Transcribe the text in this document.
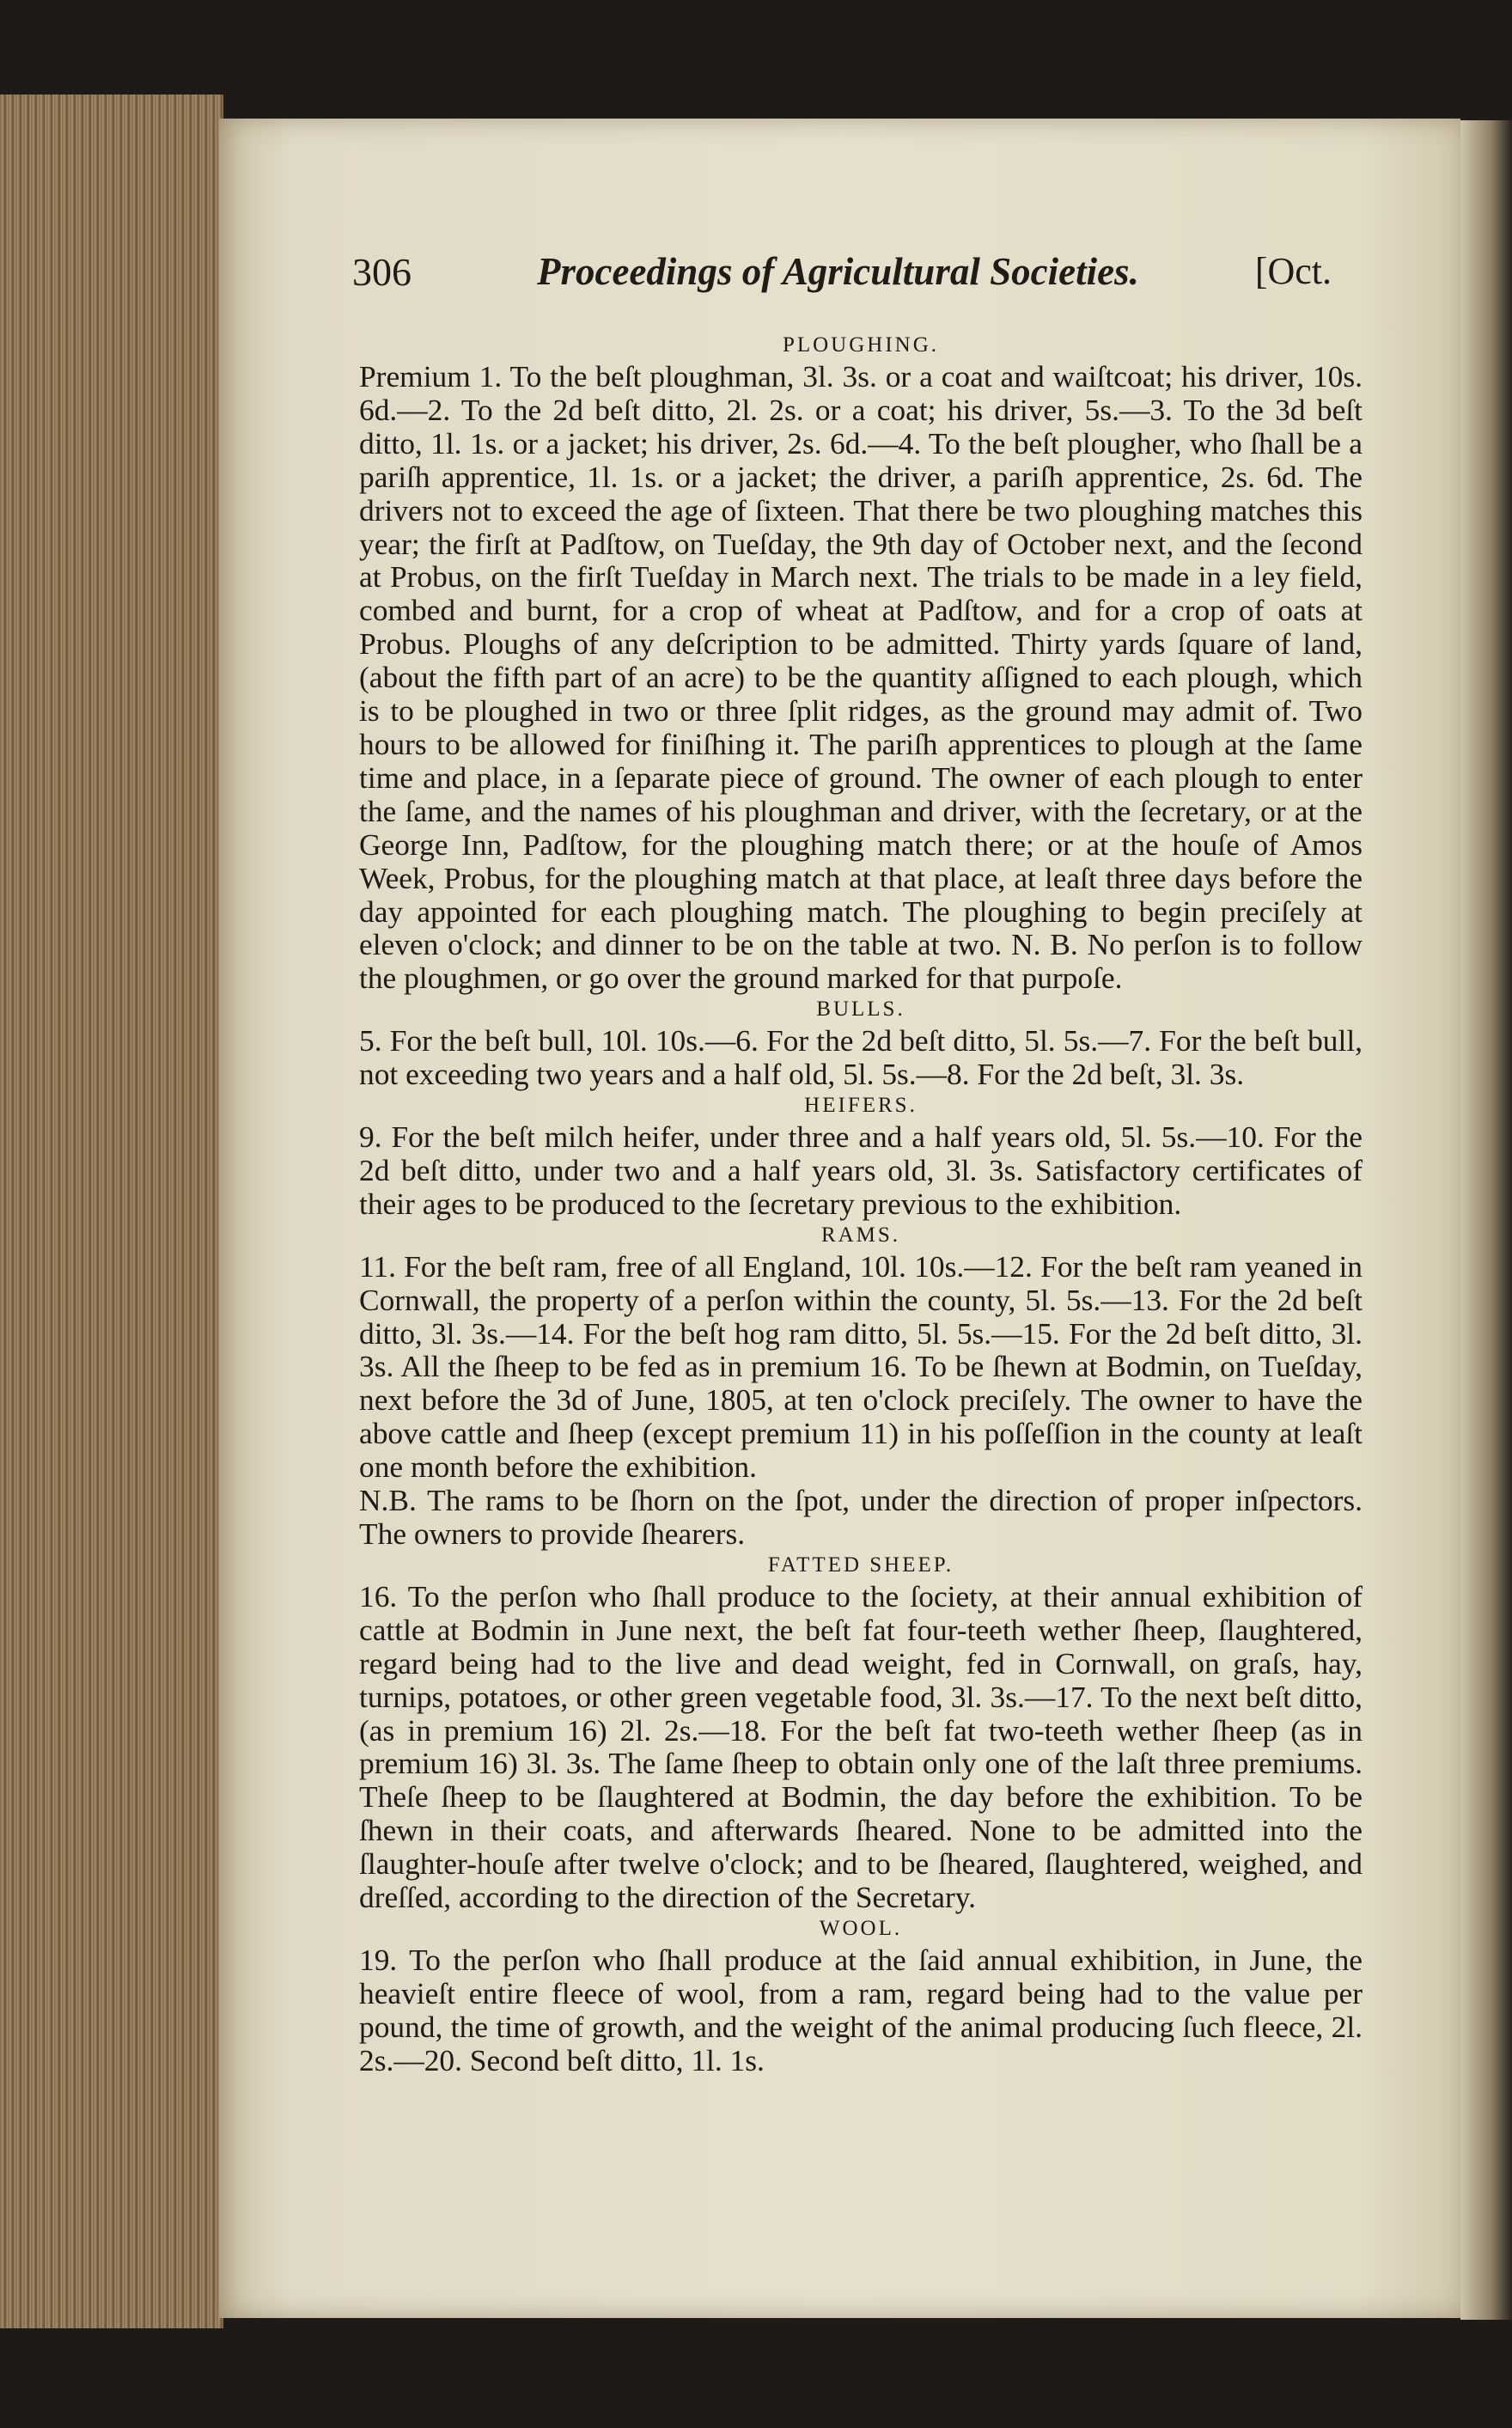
306	Proceedings of Agricultural Societies.	[Oct.
PLOUGHING.

Premium 1. To the beſt ploughman, 3l. 3s. or a coat and waiſtcoat; his driver, 10s. 6d.—2. To the 2d beſt ditto, 2l. 2s. or a coat; his driver, 5s.—3. To the 3d beſt ditto, 1l. 1s. or a jacket; his driver, 2s. 6d.—4. To the beſt plougher, who ſhall be a pariſh apprentice, 1l. 1s. or a jacket; the driver, a pariſh apprentice, 2s. 6d. The drivers not to exceed the age of ſixteen. That there be two ploughing matches this year; the firſt at Padſtow, on Tueſday, the 9th day of October next, and the ſecond at Probus, on the firſt Tueſday in March next. The trials to be made in a ley field, combed and burnt, for a crop of wheat at Padſtow, and for a crop of oats at Probus. Ploughs of any deſcription to be admitted. Thirty yards ſquare of land, (about the fifth part of an acre) to be the quantity aſſigned to each plough, which is to be ploughed in two or three ſplit ridges, as the ground may admit of. Two hours to be allowed for finiſhing it. The pariſh apprentices to plough at the ſame time and place, in a ſeparate piece of ground. The owner of each plough to enter the ſame, and the names of his ploughman and driver, with the ſecretary, or at the George Inn, Padſtow, for the ploughing match there; or at the houſe of Amos Week, Probus, for the ploughing match at that place, at leaſt three days before the day appointed for each ploughing match. The ploughing to begin preciſely at eleven o'clock; and dinner to be on the table at two. N. B. No perſon is to follow the ploughmen, or go over the ground marked for that purpoſe.

BULLS.

5. For the beſt bull, 10l. 10s.—6. For the 2d beſt ditto, 5l. 5s.—7. For the beſt bull, not exceeding two years and a half old, 5l. 5s.—8. For the 2d beſt, 3l. 3s.

HEIFERS.

9. For the beſt milch heifer, under three and a half years old, 5l. 5s.—10. For the 2d beſt ditto, under two and a half years old, 3l. 3s. Satisfactory certificates of their ages to be produced to the ſecretary previous to the exhibition.

RAMS.

11. For the beſt ram, free of all England, 10l. 10s.—12. For the beſt ram yeaned in Cornwall, the property of a perſon within the county, 5l. 5s.—13. For the 2d beſt ditto, 3l. 3s.—14. For the beſt hog ram ditto, 5l. 5s.—15. For the 2d beſt ditto, 3l. 3s. All the ſheep to be fed as in premium 16. To be ſhewn at Bodmin, on Tueſday, next before the 3d of June, 1805, at ten o'clock preciſely. The owner to have the above cattle and ſheep (except premium 11) in his poſſeſſion in the county at leaſt one month before the exhibition.

N.B. The rams to be ſhorn on the ſpot, under the direction of proper inſpectors. The owners to provide ſhearers.

FATTED SHEEP.

16. To the perſon who ſhall produce to the ſociety, at their annual exhibition of cattle at Bodmin in June next, the beſt fat four-teeth wether ſheep, ſlaughtered, regard being had to the live and dead weight, fed in Cornwall, on graſs, hay, turnips, potatoes, or other green vegetable food, 3l. 3s.—17. To the next beſt ditto, (as in premium 16) 2l. 2s.—18. For the beſt fat two-teeth wether ſheep (as in premium 16) 3l. 3s. The ſame ſheep to obtain only one of the laſt three premiums. Theſe ſheep to be ſlaughtered at Bodmin, the day before the exhibition. To be ſhewn in their coats, and afterwards ſheared. None to be admitted into the ſlaughter-houſe after twelve o'clock; and to be ſheared, ſlaughtered, weighed, and dreſſed, according to the direction of the Secretary.

WOOL.

19. To the perſon who ſhall produce at the ſaid annual exhibition, in June, the heavieſt entire fleece of wool, from a ram, regard being had to the value per pound, the time of growth, and the weight of the animal producing ſuch fleece, 2l. 2s.—20. Second beſt ditto, 1l. 1s.
